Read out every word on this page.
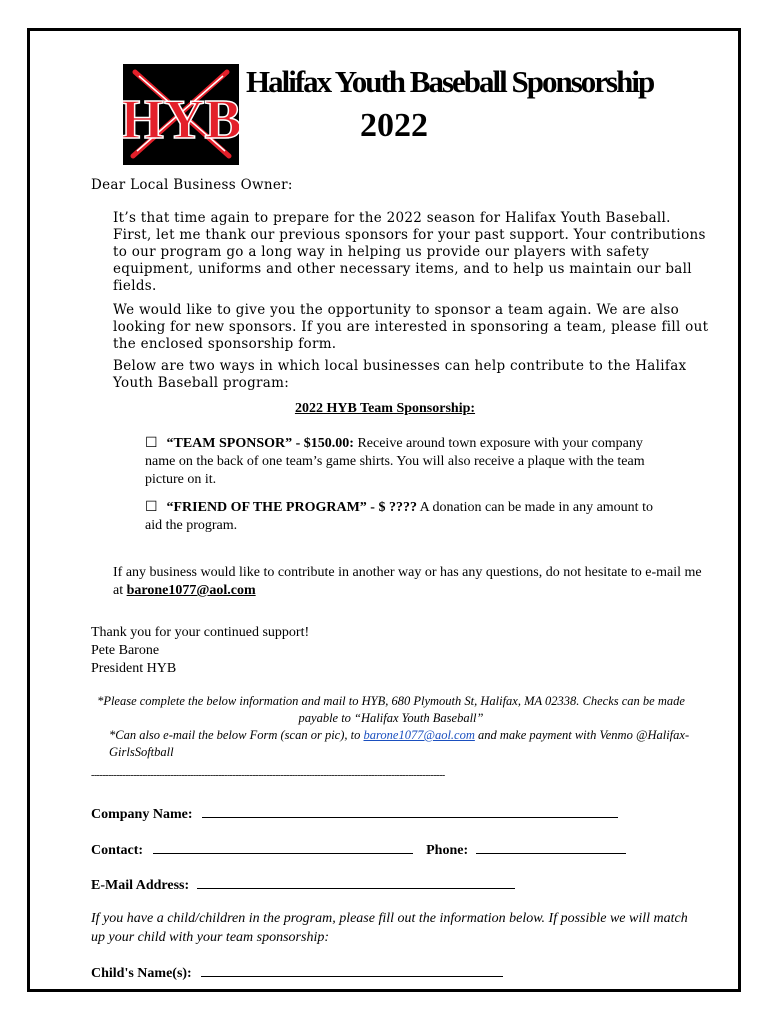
HYB
Halifax Youth Baseball Sponsorship
2022
Dear Local Business Owner:
It’s that time again to prepare for the 2022 season for Halifax Youth Baseball. First, let me thank our previous sponsors for your past support. Your contributions to our program go a long way in helping us provide our players with safety equipment, uniforms and other necessary items, and to help us maintain our ball fields.
We would like to give you the opportunity to sponsor a team again. We are also looking for new sponsors. If you are interested in sponsoring a team, please fill out the enclosed sponsorship form.
Below are two ways in which local businesses can help contribute to the Halifax Youth Baseball program:
2022 HYB Team Sponsorship:
☐ “TEAM SPONSOR” - $150.00: Receive around town exposure with your company name on the back of one team’s game shirts. You will also receive a plaque with the team picture on it.
☐ “FRIEND OF THE PROGRAM” - $ ???? A donation can be made in any amount to aid the program.
If any business would like to contribute in another way or has any questions, do not hesitate to e-mail me at barone1077@aol.com
Thank you for your continued support!
Pete Barone
President HYB
*Please complete the below information and mail to HYB, 680 Plymouth St, Halifax, MA 02338. Checks can be made payable to “Halifax Youth Baseball”
*Can also e-mail the below Form (scan or pic), to barone1077@aol.com and make payment with Venmo @Halifax-GirlsSoftball
-----------------------------------------------------------------------------------------------------------------------------
Company Name:
Contact:	Phone:
E-Mail Address:
If you have a child/children in the program, please fill out the information below. If possible we will match up your child with your team sponsorship:
Child's Name(s):
